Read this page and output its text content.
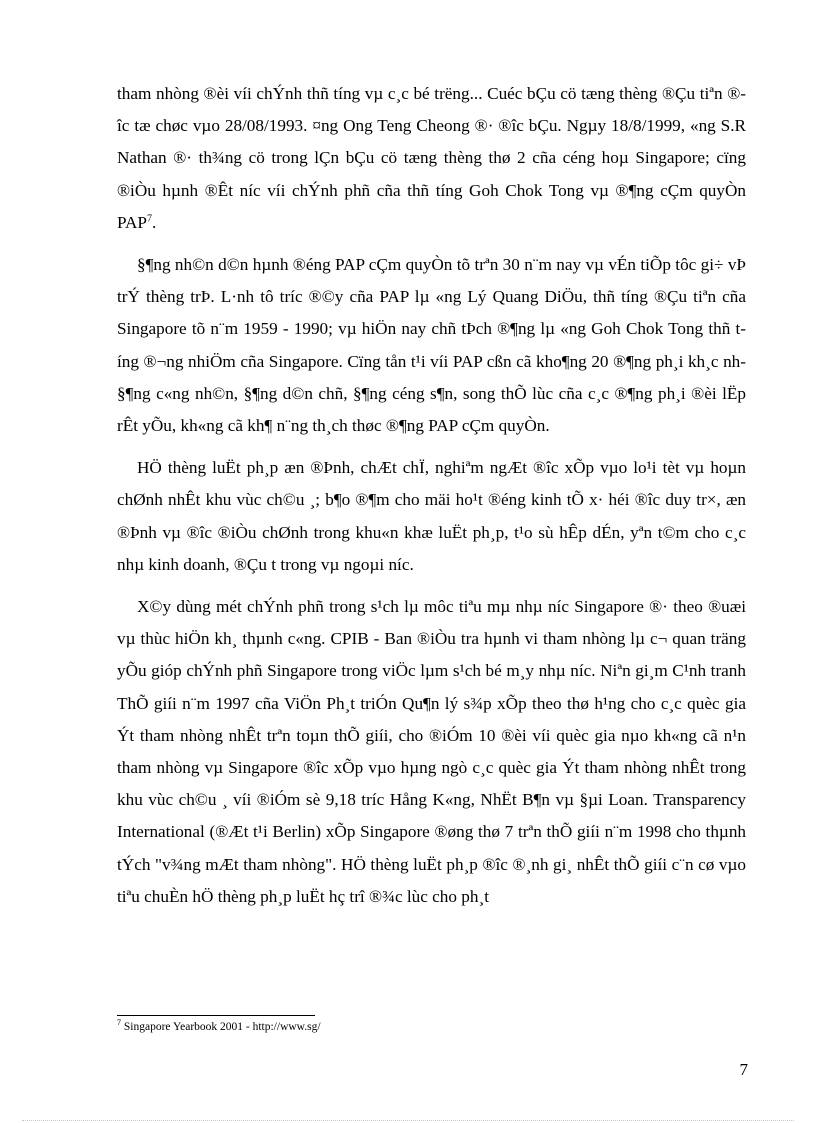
tham nhòng ®èi víi chÝnh thñ tíng vµ c¸c bé trëng... Cuéc bÇu cö tæng thèng ®Çu tiªn ®îc tæ chøc vµo 28/08/1993. ¤ng Ong Teng Cheong ®· ®îc bÇu. Ngµy 18/8/1999, «ng S.R Nathan ®· th¾ng cö trong lÇn bÇu cö tæng thèng thø 2 cña céng hoµ Singapore; cïng ®iÒu hµnh ®Êt níc víi chÝnh phñ cña thñ tíng Goh Chok Tong vµ ®¶ng cÇm quyÒn PAP$^7$.

§¶ng nh©n d©n hµnh ®éng PAP cÇm quyÒn tõ trªn 30 n¨m nay vµ vÉn tiÕp tôc gi÷ vÞ trÝ thèng trÞ. L·nh tô tríc ®©y cña PAP lµ «ng Lý Quang DiÖu, thñ tíng ®Çu tiªn cña Singapore tõ n¨m 1959 - 1990; vµ hiÖn nay chñ tÞch ®¶ng lµ «ng Goh Chok Tong thñ tíng ®¬ng nhiÖm cña Singapore. Cïng tån t¹i víi PAP cßn cã kho¶ng 20 ®¶ng ph¸i kh¸c nh §¶ng c«ng nh©n, §¶ng d©n chñ, §¶ng céng s¶n, song thÕ lùc cña c¸c ®¶ng ph¸i ®èi lËp rÊt yÕu, kh«ng cã kh¶ n¨ng th¸ch thøc ®¶ng PAP cÇm quyÒn.

HÖ thèng luËt ph¸p æn ®Þnh, chÆt chÏ, nghiªm ngÆt ®îc xÕp vµo lo¹i tèt vµ hoµn chØnh nhÊt khu vùc ch©u ¸; b¶o ®¶m cho mäi ho¹t ®éng kinh tÕ x· héi ®îc duy tr×, æn ®Þnh vµ ®îc ®iÒu chØnh trong khu«n khæ luËt ph¸p, t¹o sù hÊp dÉn, yªn t©m cho c¸c nhµ kinh doanh, ®Çu t trong vµ ngoµi níc.

X©y dùng mét chÝnh phñ trong s¹ch lµ môc tiªu mµ nhµ níc Singapore ®· theo ®uæi vµ thùc hiÖn kh¸ thµnh c«ng. CPIB - Ban ®iÒu tra hµnh vi tham nhòng lµ c¬ quan träng yÕu gióp chÝnh phñ Singapore trong viÖc lµm s¹ch bé m¸y nhµ níc. Niªn gi¸m C¹nh tranh ThÕ giíi n¨m 1997 cña ViÖn Ph¸t triÓn Qu¶n lý s¾p xÕp theo thø h¹ng cho c¸c quèc gia Ýt tham nhòng nhÊt trªn toµn thÕ giíi, cho ®iÓm 10 ®èi víi quèc gia nµo kh«ng cã n¹n tham nhòng vµ Singapore ®îc xÕp vµo hµng ngò c¸c quèc gia Ýt tham nhòng nhÊt trong khu vùc ch©u ¸ víi ®iÓm sè 9,18 tríc Hång K«ng, NhËt B¶n vµ §µi Loan. Transparency International (®Æt t¹i Berlin) xÕp Singapore ®øng thø 7 trªn thÕ giíi n¨m 1998 cho thµnh tÝch "v¾ng mÆt tham nhòng". HÖ thèng luËt ph¸p ®îc ®¸nh gi¸ nhÊt thÕ giíi c¨n cø vµo tiªu chuÈn hÖ thèng ph¸p luËt hç trî ®¾c lùc cho ph¸t

$^7$ Singapore Yearbook 2001 - http://www.sg/
7
